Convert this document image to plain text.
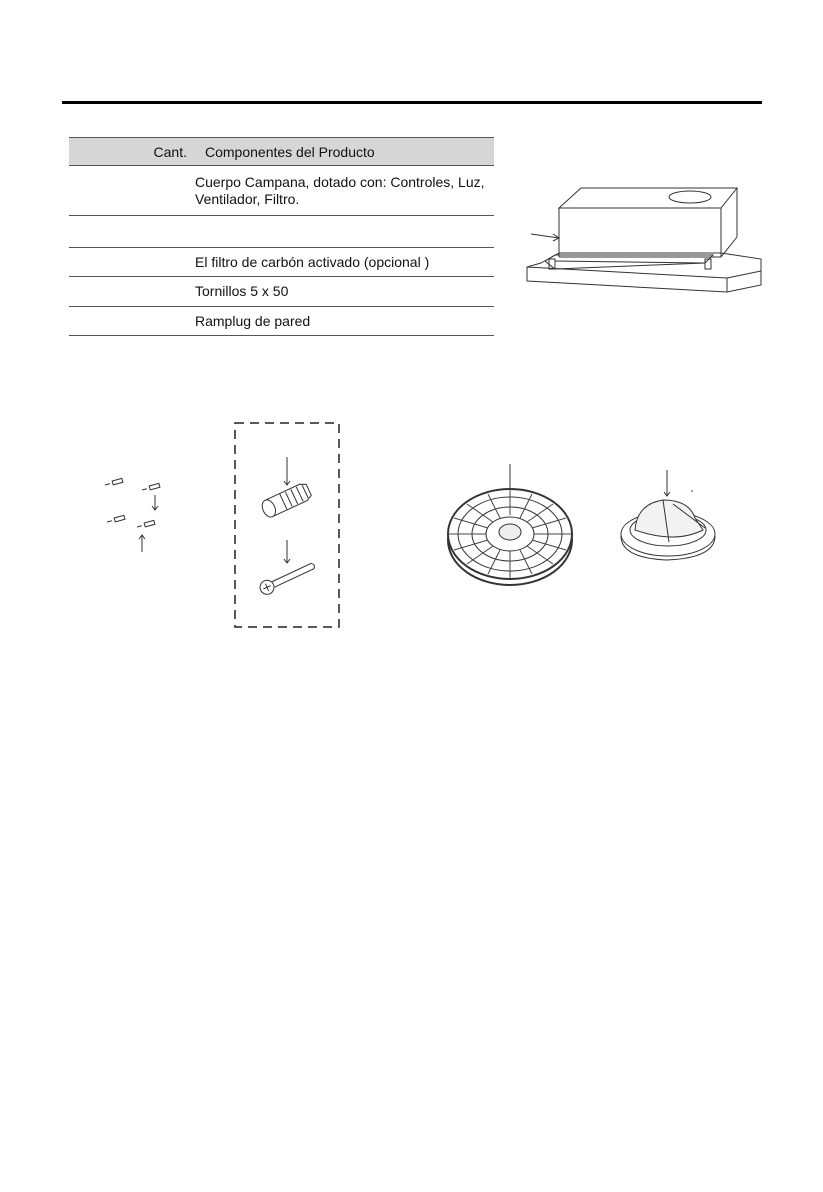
Cant.	Componentes del Producto
	Cuerpo Campana, dotado con: Controles, Luz, Ventilador, Filtro.

	El filtro de carbón activado (opcional )
	Tornillos 5 x 50
	Ramplug de pared
